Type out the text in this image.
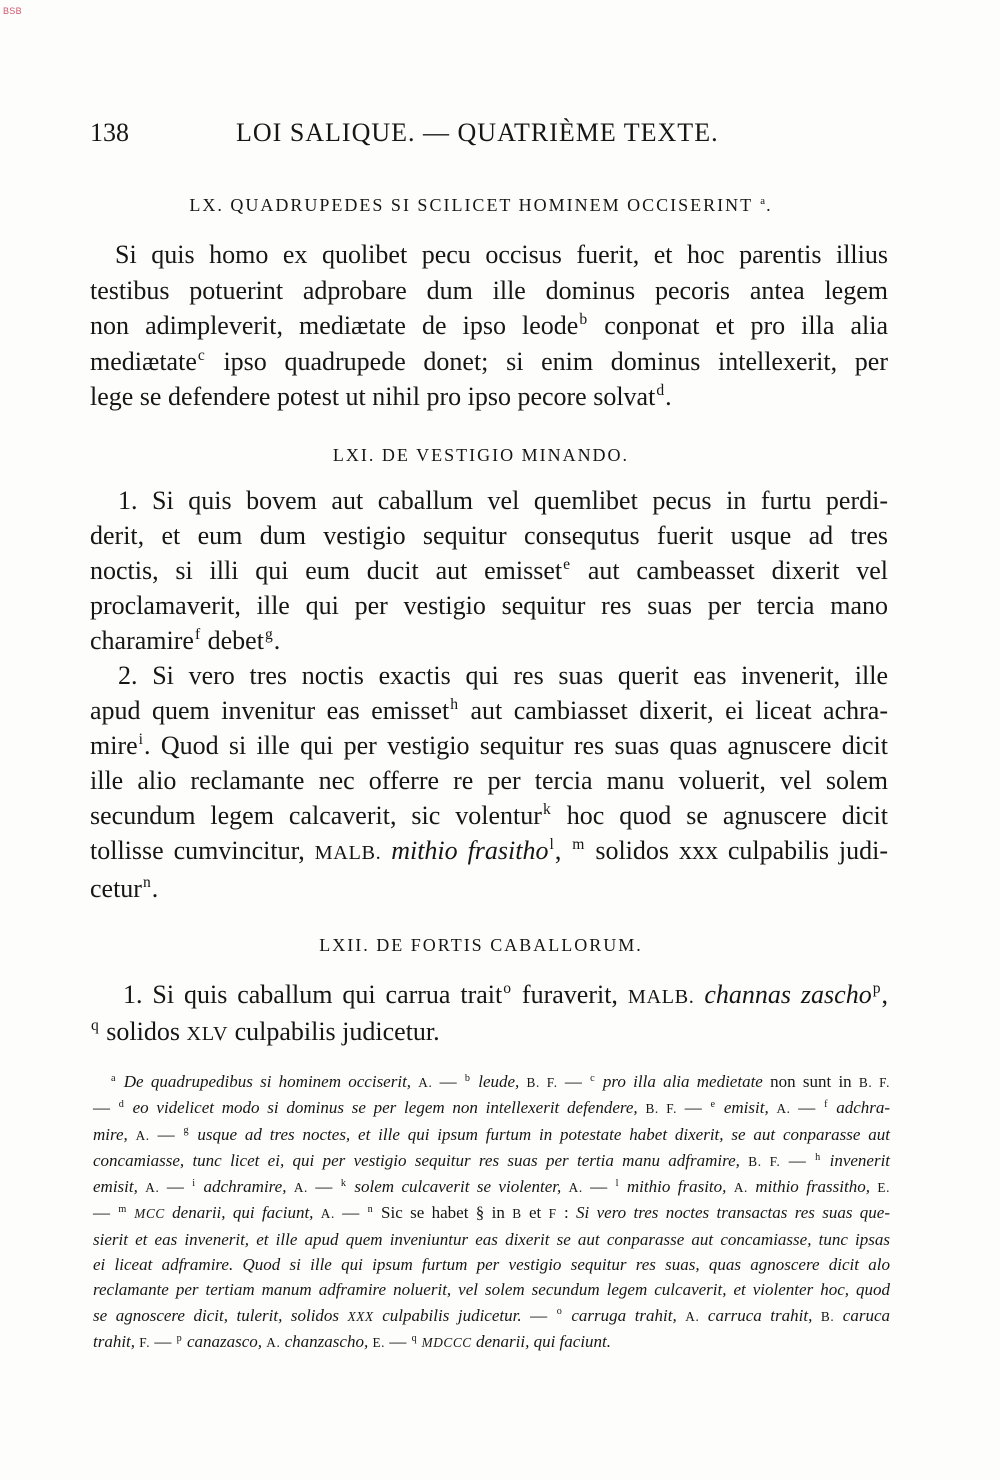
BSB
138	LOI SALIQUE. — QUATRIÈME TEXTE.
LX. QUADRUPEDES SI SCILICET HOMINEM OCCISERINT $^a$.
Si quis homo ex quolibet pecu occisus fuerit, et hoc parentis illius
testibus potuerint adprobare dum ille dominus pecoris antea legem
non adimpleverit, mediætate de ipso leode$^b$ conponat et pro illa alia
mediætate$^c$ ipso quadrupede donet; si enim dominus intellexerit, per
lege se defendere potest ut nihil pro ipso pecore solvat$^d$.
LXI. DE VESTIGIO MINANDO.
1. Si quis bovem aut caballum vel quemlibet pecus in furtu perdi-
derit, et eum dum vestigio sequitur consequtus fuerit usque ad tres
noctis, si illi qui eum ducit aut emisset$^e$ aut cambeasset dixerit vel
proclamaverit, ille qui per vestigio sequitur res suas per tercia mano
charamire$^f$ debet$^g$.
2. Si vero tres noctis exactis qui res suas querit eas invenerit, ille
apud quem invenitur eas emisset$^h$ aut cambiasset dixerit, ei liceat achra-
mire$^i$. Quod si ille qui per vestigio sequitur res suas quas agnuscere dicit
ille alio reclamante nec offerre re per tercia manu voluerit, vel solem
secundum legem calcaverit, sic volentur$^k$ hoc quod se agnuscere dicit
tollisse cumvincitur, MALB. mithio frasitho$^l$, $^m$ solidos xxx culpabilis judi-
cetur$^n$.
LXII. DE FORTIS CABALLORUM.
1. Si quis caballum qui carrua trait$^o$ furaverit, MALB. channas zascho$^p$,
$^q$ solidos XLV culpabilis judicetur.
$^a$ De quadrupedibus si hominem occiserit, A. — $^b$ leude, B. F. — $^c$ pro illa alia medietate non sunt in B. F.
— $^d$ eo videlicet modo si dominus se per legem non intellexerit defendere, B. F. — $^e$ emisit, A. — $^f$ adchra-
mire, A. — $^g$ usque ad tres noctes, et ille qui ipsum furtum in potestate habet dixerit, se aut conparasse aut
concamiasse, tunc licet ei, qui per vestigio sequitur res suas per tertia manu adframire, B. F. — $^h$ invenerit
emisit, A. — $^i$ adchramire, A. — $^k$ solem culcaverit se violenter, A. — $^l$ mithio frasito, A. mithio frassitho, E.
— $^m$ MCC denarii, qui faciunt, A. — $^n$ Sic se habet § in B et F : Si vero tres noctes transactas res suas que-
sierit et eas invenerit, et ille apud quem inveniuntur eas dixerit se aut conparasse aut concamiasse, tunc ipsas
ei liceat adframire. Quod si ille qui ipsum furtum per vestigio sequitur res suas, quas agnoscere dicit alo
reclamante per tertiam manum adframire noluerit, vel solem secundum legem culcaverit, et violenter hoc, quod
se agnoscere dicit, tulerit, solidos XXX culpabilis judicetur. — $^o$ carruga trahit, A. carruca trahit, B. caruca
trahit, F. — $^p$ canazasco, A. chanzascho, E. — $^q$ MDCCC denarii, qui faciunt.
